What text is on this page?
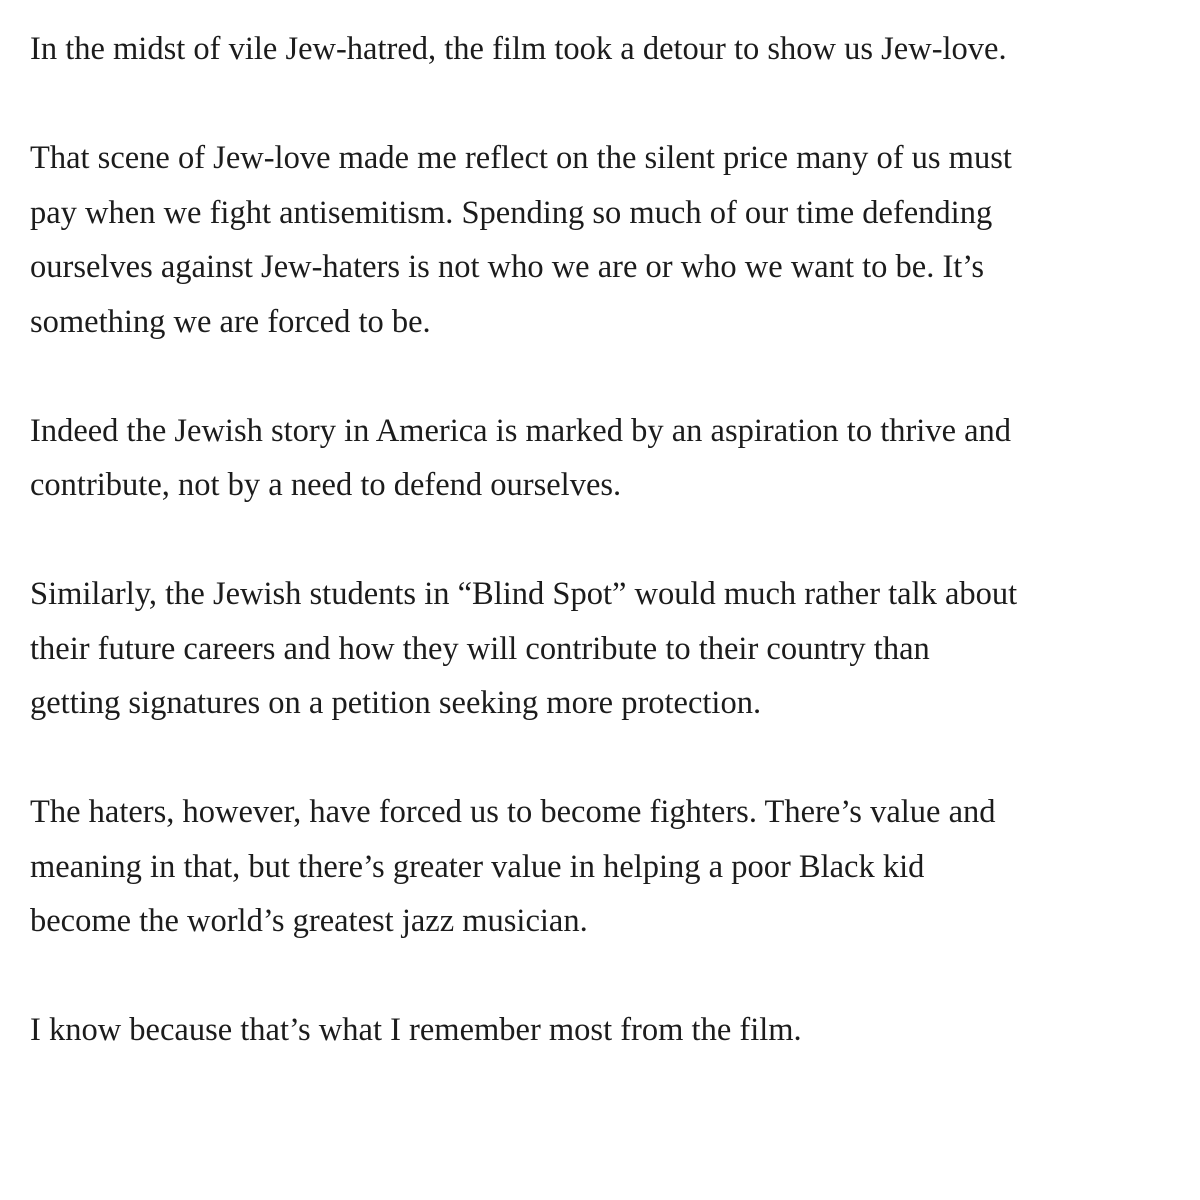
In the midst of vile Jew-hatred, the film took a detour to show us Jew-love.

That scene of Jew-love made me reflect on the silent price many of us must
pay when we fight antisemitism. Spending so much of our time defending
ourselves against Jew-haters is not who we are or who we want to be. It’s
something we are forced to be.

Indeed the Jewish story in America is marked by an aspiration to thrive and
contribute, not by a need to defend ourselves.

Similarly, the Jewish students in “Blind Spot” would much rather talk about
their future careers and how they will contribute to their country than
getting signatures on a petition seeking more protection.

The haters, however, have forced us to become fighters. There’s value and
meaning in that, but there’s greater value in helping a poor Black kid
become the world’s greatest jazz musician.

I know because that’s what I remember most from the film.
